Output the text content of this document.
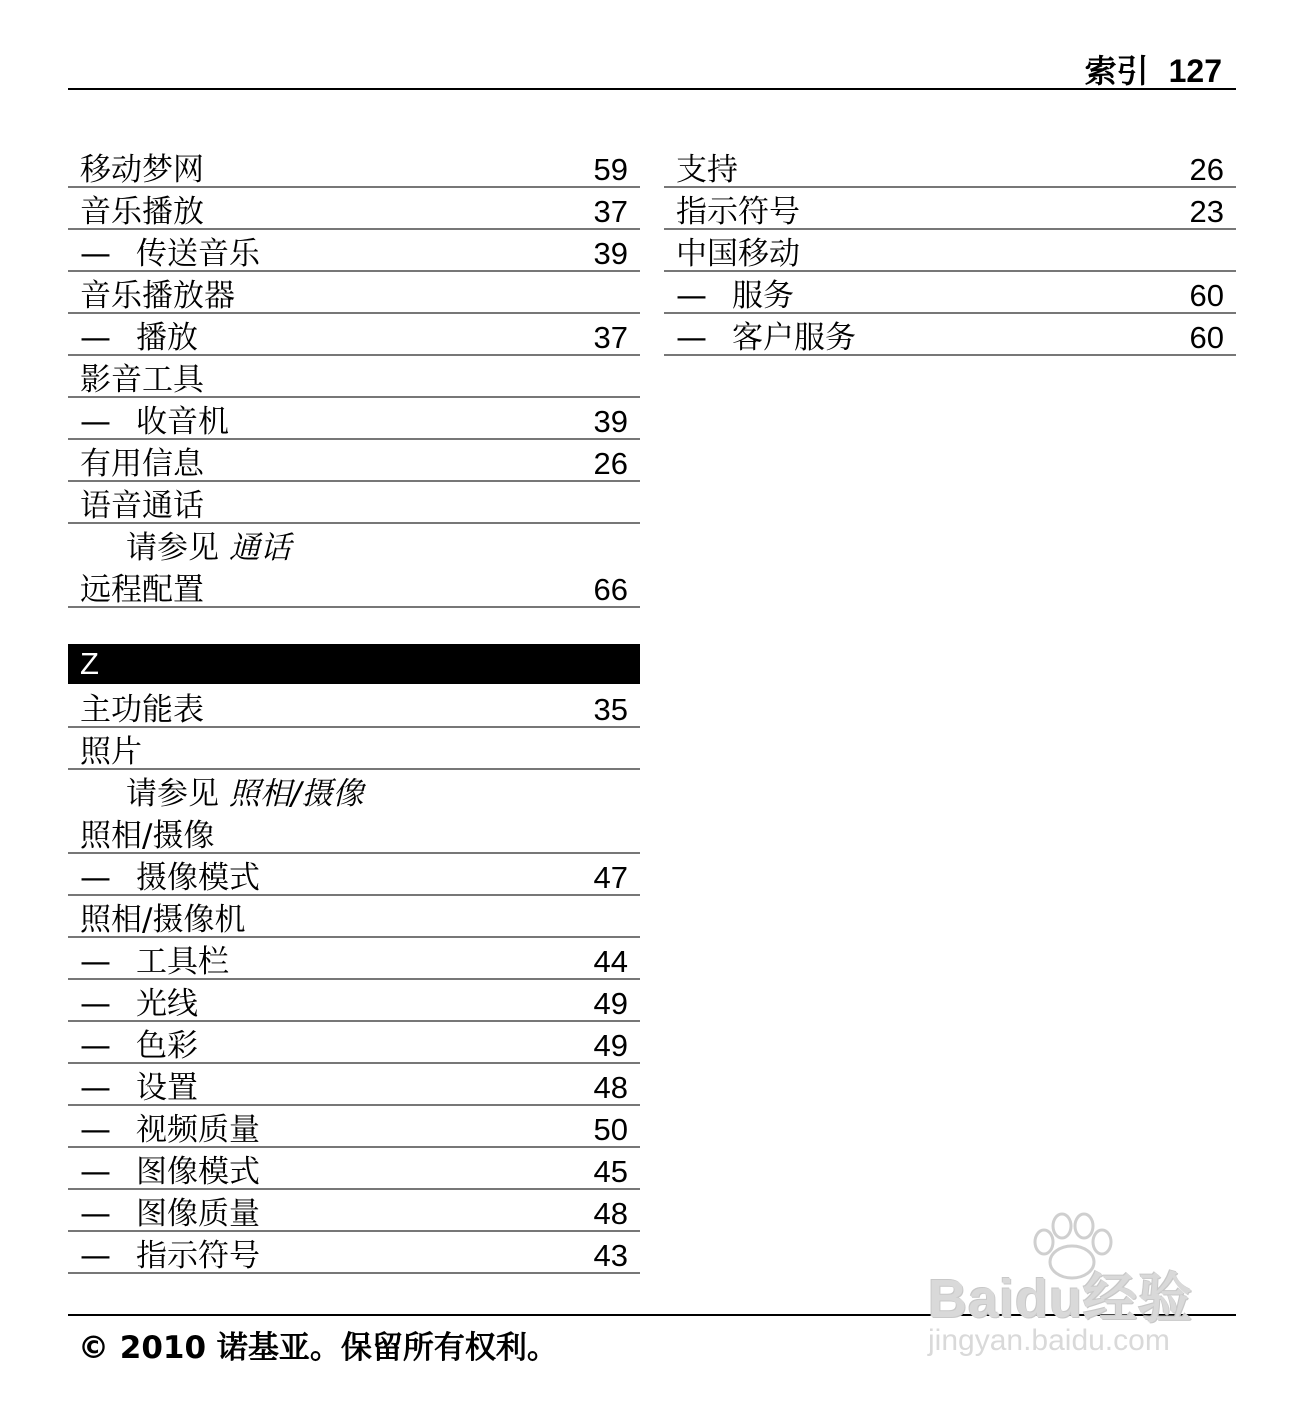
索引 127
移动梦网	59
音乐播放	37
— 传送音乐	39
音乐播放器
— 播放	37
影音工具
— 收音机	39
有用信息	26
语音通话
请参见 通话
远程配置	66
Z
主功能表	35
照片
请参见 照相/摄像
照相/摄像
— 摄像模式	47
照相/摄像机
— 工具栏	44
— 光线	49
— 色彩	49
— 设置	48
— 视频质量	50
— 图像模式	45
— 图像质量	48
— 指示符号	43
支持	26
指示符号	23
中国移动
— 服务	60
— 客户服务	60
© 2010 诺基亚。保留所有权利。
Baidu经验
jingyan.baidu.com
